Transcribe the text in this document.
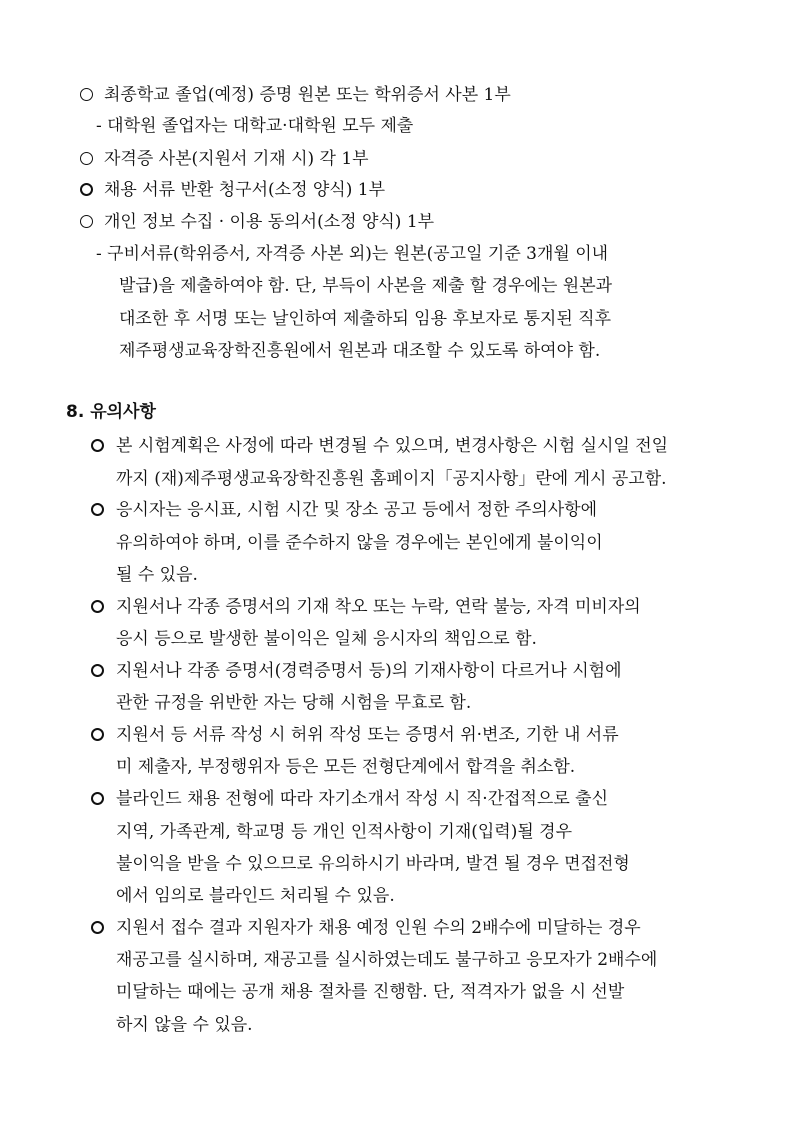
최종학교 졸업(예정) 증명 원본 또는 학위증서 사본 1부
- 대학원 졸업자는 대학교·대학원 모두 제출
자격증 사본(지원서 기재 시) 각 1부
채용 서류 반환 청구서(소정 양식) 1부
개인 정보 수집 · 이용 동의서(소정 양식) 1부
- 구비서류(학위증서, 자격증 사본 외)는 원본(공고일 기준 3개월 이내
발급)을 제출하여야 함. 단, 부득이 사본을 제출 할 경우에는 원본과
대조한 후 서명 또는 날인하여 제출하되 임용 후보자로 통지된 직후
제주평생교육장학진흥원에서 원본과 대조할 수 있도록 하여야 함.
8. 유의사항
본 시험계획은 사정에 따라 변경될 수 있으며, 변경사항은 시험 실시일 전일
까지 (재)제주평생교육장학진흥원 홈페이지「공지사항」란에 게시 공고함.
응시자는 응시표, 시험 시간 및 장소 공고 등에서 정한 주의사항에
유의하여야 하며, 이를 준수하지 않을 경우에는 본인에게 불이익이
될 수 있음.
지원서나 각종 증명서의 기재 착오 또는 누락, 연락 불능, 자격 미비자의
응시 등으로 발생한 불이익은 일체 응시자의 책임으로 함.
지원서나 각종 증명서(경력증명서 등)의 기재사항이 다르거나 시험에
관한 규정을 위반한 자는 당해 시험을 무효로 함.
지원서 등 서류 작성 시 허위 작성 또는 증명서 위·변조, 기한 내 서류
미 제출자, 부정행위자 등은 모든 전형단계에서 합격을 취소함.
블라인드 채용 전형에 따라 자기소개서 작성 시 직·간접적으로 출신
지역, 가족관계, 학교명 등 개인 인적사항이 기재(입력)될 경우
불이익을 받을 수 있으므로 유의하시기 바라며, 발견 될 경우 면접전형
에서 임의로 블라인드 처리될 수 있음.
지원서 접수 결과 지원자가 채용 예정 인원 수의 2배수에 미달하는 경우
재공고를 실시하며, 재공고를 실시하였는데도 불구하고 응모자가 2배수에
미달하는 때에는 공개 채용 절차를 진행함. 단, 적격자가 없을 시 선발
하지 않을 수 있음.
